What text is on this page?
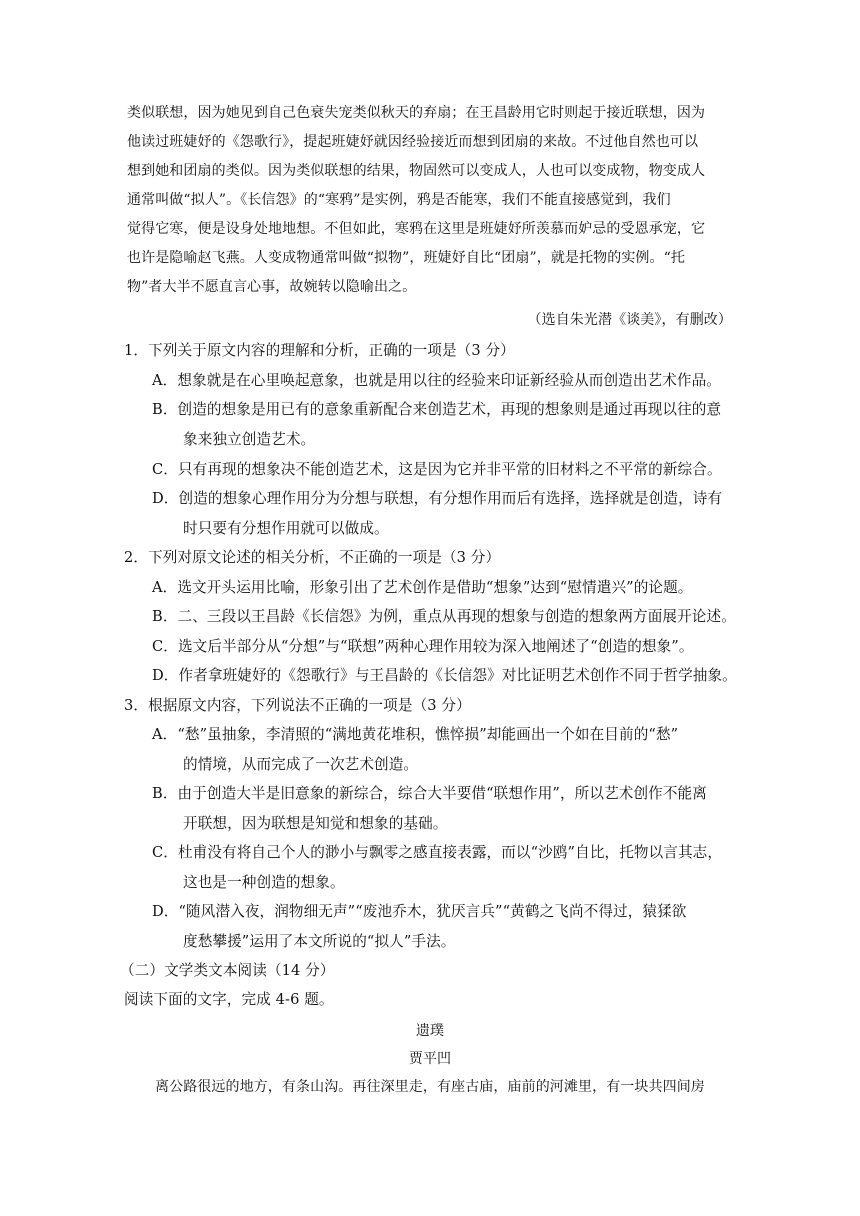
类似联想，因为她见到自己色衰失宠类似秋天的弃扇；在王昌龄用它时则起于接近联想，因为
他读过班婕妤的《怨歌行》，提起班婕妤就因经验接近而想到团扇的来故。不过他自然也可以
想到她和团扇的类似。因为类似联想的结果，物固然可以变成人，人也可以变成物，物变成人
通常叫做“拟人”。《长信怨》的“寒鸦”是实例，鸦是否能寒，我们不能直接感觉到，我们
觉得它寒，便是设身处地地想。不但如此，寒鸦在这里是班婕妤所羡慕而妒忌的受恩承宠，它
也许是隐喻赵飞燕。人变成物通常叫做“拟物”，班婕妤自比“团扇”，就是托物的实例。“托
物”者大半不愿直言心事，故婉转以隐喻出之。
（选自朱光潜《谈美》，有删改）
1．下列关于原文内容的理解和分析，正确的一项是（3 分）
A．想象就是在心里唤起意象，也就是用以往的经验来印证新经验从而创造出艺术作品。
B．创造的想象是用已有的意象重新配合来创造艺术，再现的想象则是通过再现以往的意
象来独立创造艺术。
C．只有再现的想象决不能创造艺术，这是因为它并非平常的旧材料之不平常的新综合。
D．创造的想象心理作用分为分想与联想，有分想作用而后有选择，选择就是创造，诗有
时只要有分想作用就可以做成。
2．下列对原文论述的相关分析，不正确的一项是（3 分）
A．选文开头运用比喻，形象引出了艺术创作是借助“想象”达到“慰情遣兴”的论题。
B．二、三段以王昌龄《长信怨》为例，重点从再现的想象与创造的想象两方面展开论述。
C．选文后半部分从“分想”与“联想”两种心理作用较为深入地阐述了“创造的想象”。
D．作者拿班婕妤的《怨歌行》与王昌龄的《长信怨》对比证明艺术创作不同于哲学抽象。
3．根据原文内容，下列说法不正确的一项是（3 分）
A．“愁”虽抽象，李清照的“满地黄花堆积，憔悴损”却能画出一个如在目前的“愁”
的情境，从而完成了一次艺术创造。
B．由于创造大半是旧意象的新综合，综合大半要借“联想作用”，所以艺术创作不能离
开联想，因为联想是知觉和想象的基础。
C．杜甫没有将自己个人的渺小与飘零之感直接表露，而以“沙鸥”自比，托物以言其志，
这也是一种创造的想象。
D．“随风潜入夜，润物细无声”“废池乔木，犹厌言兵”“黄鹤之飞尚不得过，猿猱欲
度愁攀援”运用了本文所说的“拟人”手法。
（二）文学类文本阅读（14 分）
阅读下面的文字，完成 4-6 题。
遗璞
贾平凹
离公路很远的地方，有条山沟。再往深里走，有座古庙，庙前的河滩里，有一块共四间房
